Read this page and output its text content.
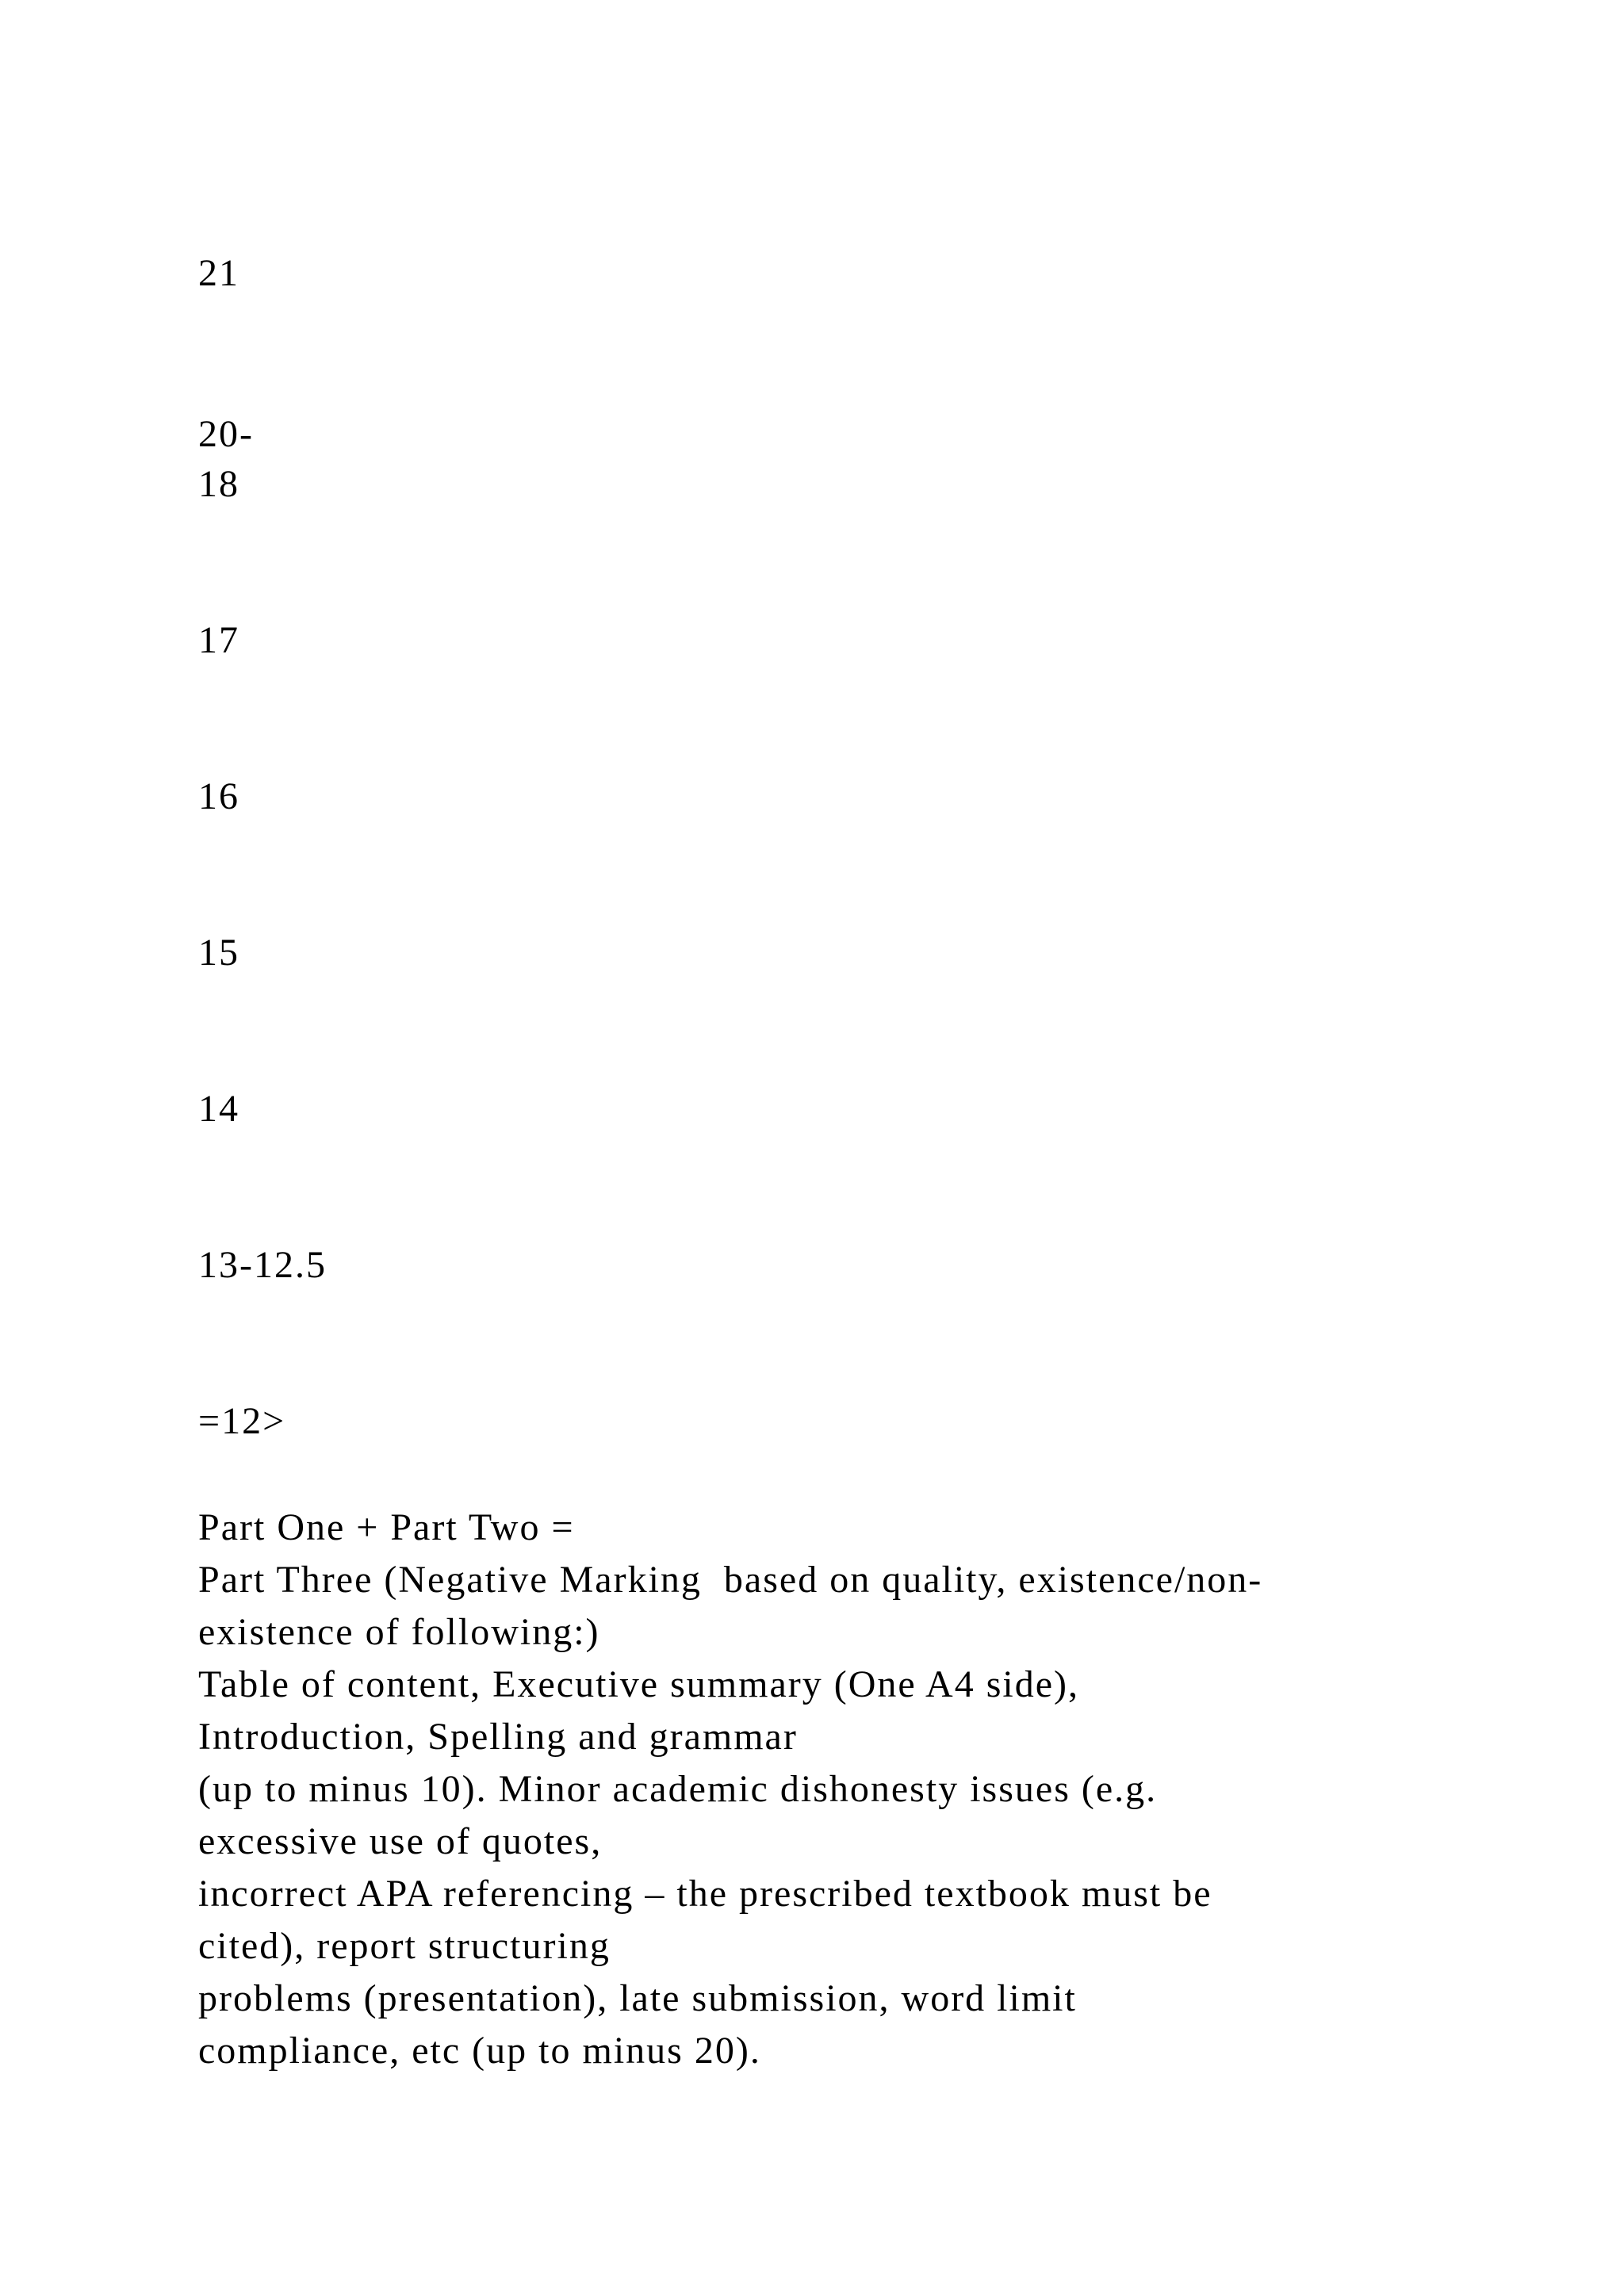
21
20-
18
17
16
15
14
13-12.5
=12>
Part One + Part Two =
Part Three (Negative Marking  based on quality, existence/non-
existence of following:)
Table of content, Executive summary (One A4 side),
Introduction, Spelling and grammar
(up to minus 10). Minor academic dishonesty issues (e.g.
excessive use of quotes,
incorrect APA referencing – the prescribed textbook must be
cited), report structuring
problems (presentation), late submission, word limit
compliance, etc (up to minus 20).
